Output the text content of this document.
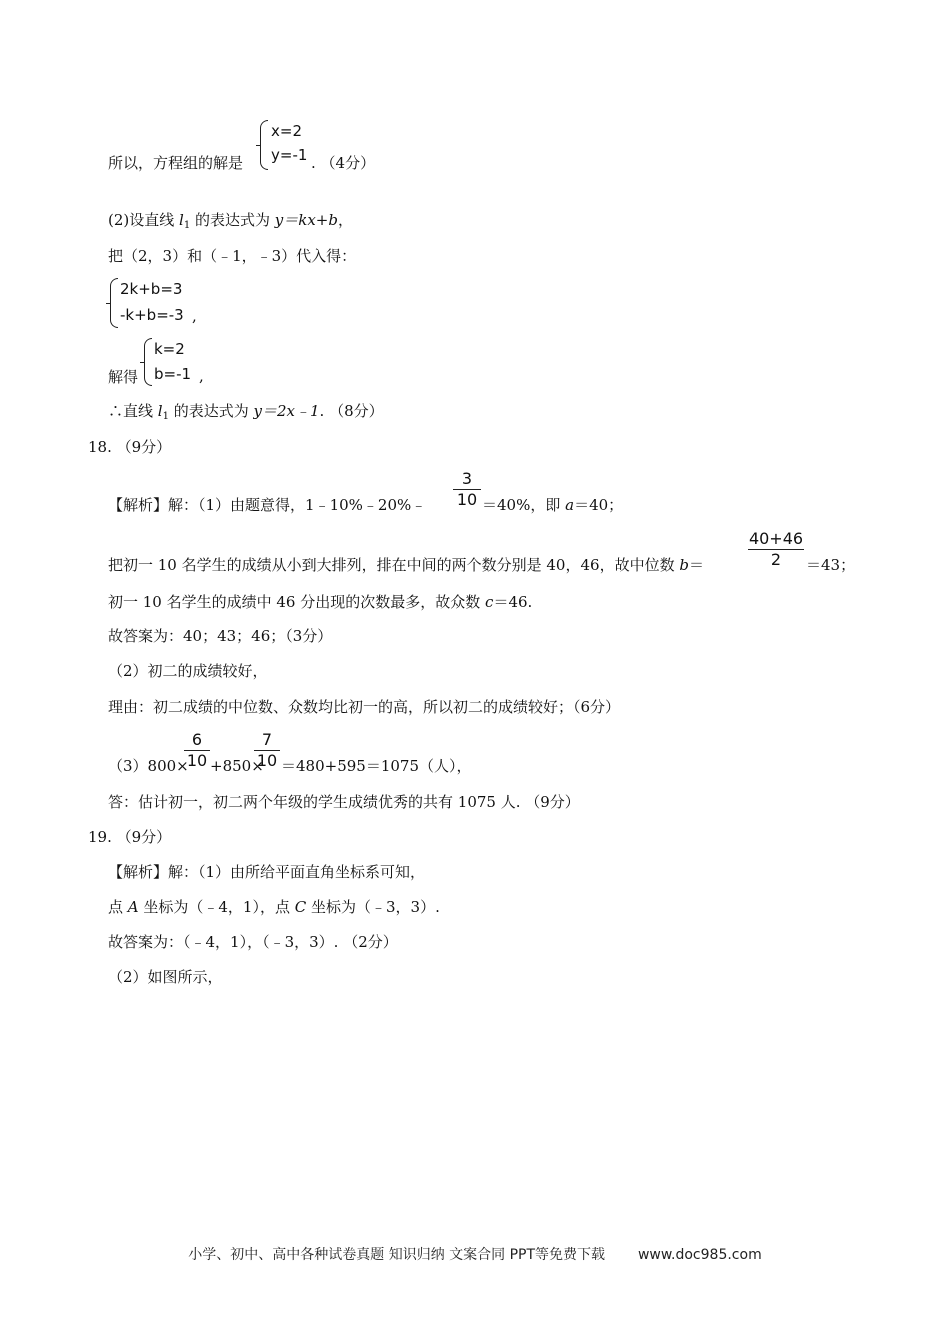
所以，方程组的解是
x=2
y=-1 . （4分）
(2)设直线 $l_1$ 的表达式为 y＝kx+b，
把（2，3）和（﹣1，﹣3）代入得：
2k+b=3
-k+b=-3 ,
解得
k=2
b=-1 ,
∴直线 $l_1$ 的表达式为 y＝2x﹣1. （8分）
18. （9分）
【解析】解：（1）由题意得，1﹣10%﹣20%﹣
3
10 ＝40%，即 a＝40；
把初一 10 名学生的成绩从小到大排列，排在中间的两个数分别是 40，46，故中位数 b＝
40+46
2	＝43；
初一 10 名学生的成绩中 46 分出现的次数最多，故众数 c＝46.
故答案为：40；43；46；（3分）
（2）初二的成绩较好，
理由：初二成绩的中位数、众数均比初一的高，所以初二的成绩较好；（6分）
（3）800×
6
10 +850×
7
10 ＝480+595＝1075（人），
答：估计初一，初二两个年级的学生成绩优秀的共有 1075 人. （9分）
19. （9分）
【解析】解：（1）由所给平面直角坐标系可知，
点 A 坐标为（﹣4，1），点 C 坐标为（﹣3，3）.
故答案为：（﹣4，1），（﹣3，3）. （2分）
（2）如图所示，
小学、初中、高中各种试卷真题 知识归纳 文案合同 PPT等免费下载 www.doc985.com
